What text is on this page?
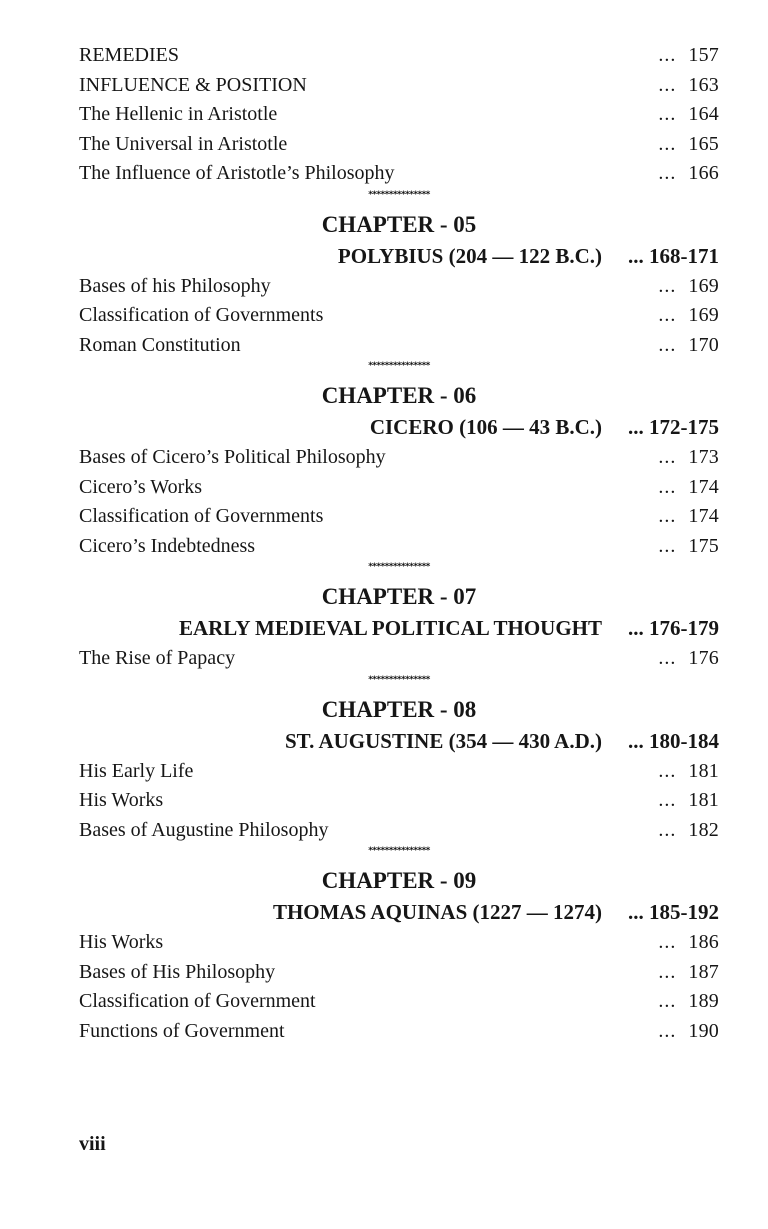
REMEDIES	... 157
INFLUENCE & POSITION	... 163
The Hellenic in Aristotle	... 164
The Universal in Aristotle	... 165
The Influence of Aristotle’s Philosophy	... 166
***************
CHAPTER - 05
POLYBIUS (204 — 122 B.C.)	... 168-171
Bases of his Philosophy	... 169
Classification of Governments	... 169
Roman Constitution	... 170
***************
CHAPTER - 06
CICERO (106 — 43 B.C.)	... 172-175
Bases of Cicero’s Political Philosophy	... 173
Cicero’s Works	... 174
Classification of Governments	... 174
Cicero’s Indebtedness	... 175
***************
CHAPTER - 07
EARLY MEDIEVAL POLITICAL THOUGHT	... 176-179
The Rise of Papacy	... 176
***************
CHAPTER - 08
ST. AUGUSTINE (354 — 430 A.D.)	... 180-184
His Early Life	... 181
His Works	... 181
Bases of Augustine Philosophy	... 182
***************
CHAPTER - 09
THOMAS AQUINAS (1227 — 1274)	... 185-192
His Works	... 186
Bases of His Philosophy	... 187
Classification of Government	... 189
Functions of Government	... 190
viii
